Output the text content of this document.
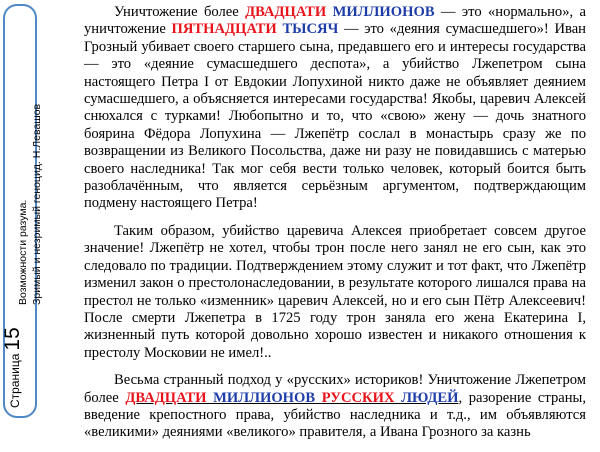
Страница
15
Возможности разума. Зримый и незримый геноцид. Н.Левашов

Уничтожение более ДВАДЦАТИ МИЛЛИОНОВ — это «нормально», а уничтожение ПЯТНАДЦАТИ ТЫСЯЧ — это «деяния сумасшедшего»! Иван Грозный убивает своего старшего сына, предавшего его и интересы государства — это «деяние сумасшедшего деспота», а убийство Лжепетром сына настоящего Петра I от Евдокии Лопухиной никто даже не объявляет деянием сумасшедшего, а объясняется интересами государства! Якобы, царевич Алексей снюхался с турками! Любопытно и то, что «свою» жену — дочь знатного боярина Фёдора Лопухина — Лжепётр сослал в монастырь сразу же по возвращении из Великого Посольства, даже ни разу не повидавшись с матерью своего наследника! Так мог себя вести только человек, который боится быть разоблачённым, что является серьёзным аргументом, подтверждающим подмену настоящего Петра!

Таким образом, убийство царевича Алексея приобретает совсем другое значение! Лжепётр не хотел, чтобы трон после него занял не его сын, как это следовало по традиции. Подтверждением этому служит и тот факт, что Лжепётр изменил закон о престолонаследовании, в результате которого лишался права на престол не только «изменник» царевич Алексей, но и его сын Пётр Алексеевич! После смерти Лжепетра в 1725 году трон заняла его жена Екатерина I, жизненный путь которой довольно хорошо известен и никакого отношения к престолу Московии не имел!..

Весьма странный подход у «русских» историков! Уничтожение Лжепетром более ДВАДЦАТИ МИЛЛИОНОВ РУССКИХ ЛЮДЕЙ, разорение страны, введение крепостного права, убийство наследника и т.д., им объявляются «великими» деяниями «великого» правителя, а Ивана Грозного за казнь
